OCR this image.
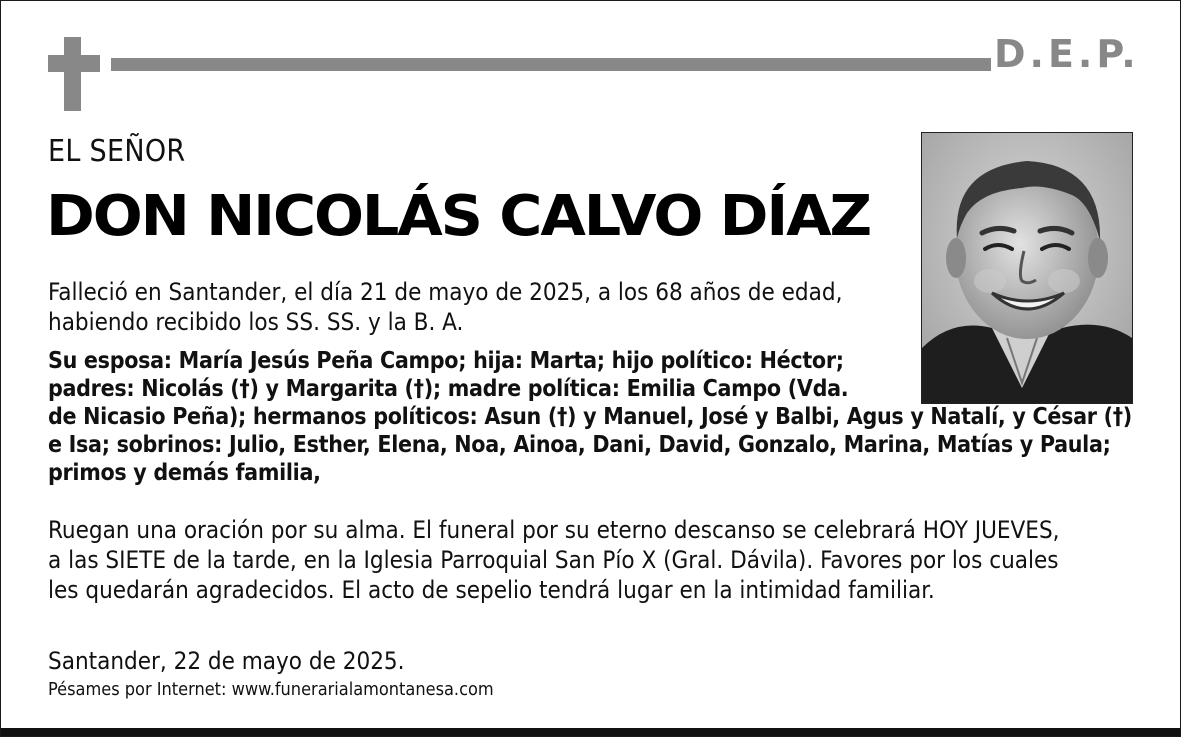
D.E.P.
EL SEÑOR
DON NICOLÁS CALVO DÍAZ
Falleció en Santander, el día 21 de mayo de 2025, a los 68 años de edad,
habiendo recibido los SS. SS. y la B. A.
Su esposa: María Jesús Peña Campo; hija: Marta; hijo político: Héctor;
padres: Nicolás (†) y Margarita (†); madre política: Emilia Campo (Vda.
de Nicasio Peña); hermanos políticos: Asun (†) y Manuel, José y Balbi, Agus y Natalí, y César (†)
e Isa; sobrinos: Julio, Esther, Elena, Noa, Ainoa, Dani, David, Gonzalo, Marina, Matías y Paula;
primos y demás familia,
Ruegan una oración por su alma. El funeral por su eterno descanso se celebrará HOY JUEVES,
a las SIETE de la tarde, en la Iglesia Parroquial San Pío X (Gral. Dávila). Favores por los cuales
les quedarán agradecidos. El acto de sepelio tendrá lugar en la intimidad familiar.
Santander, 22 de mayo de 2025.
Pésames por Internet: www.funerarialamontanesa.com
